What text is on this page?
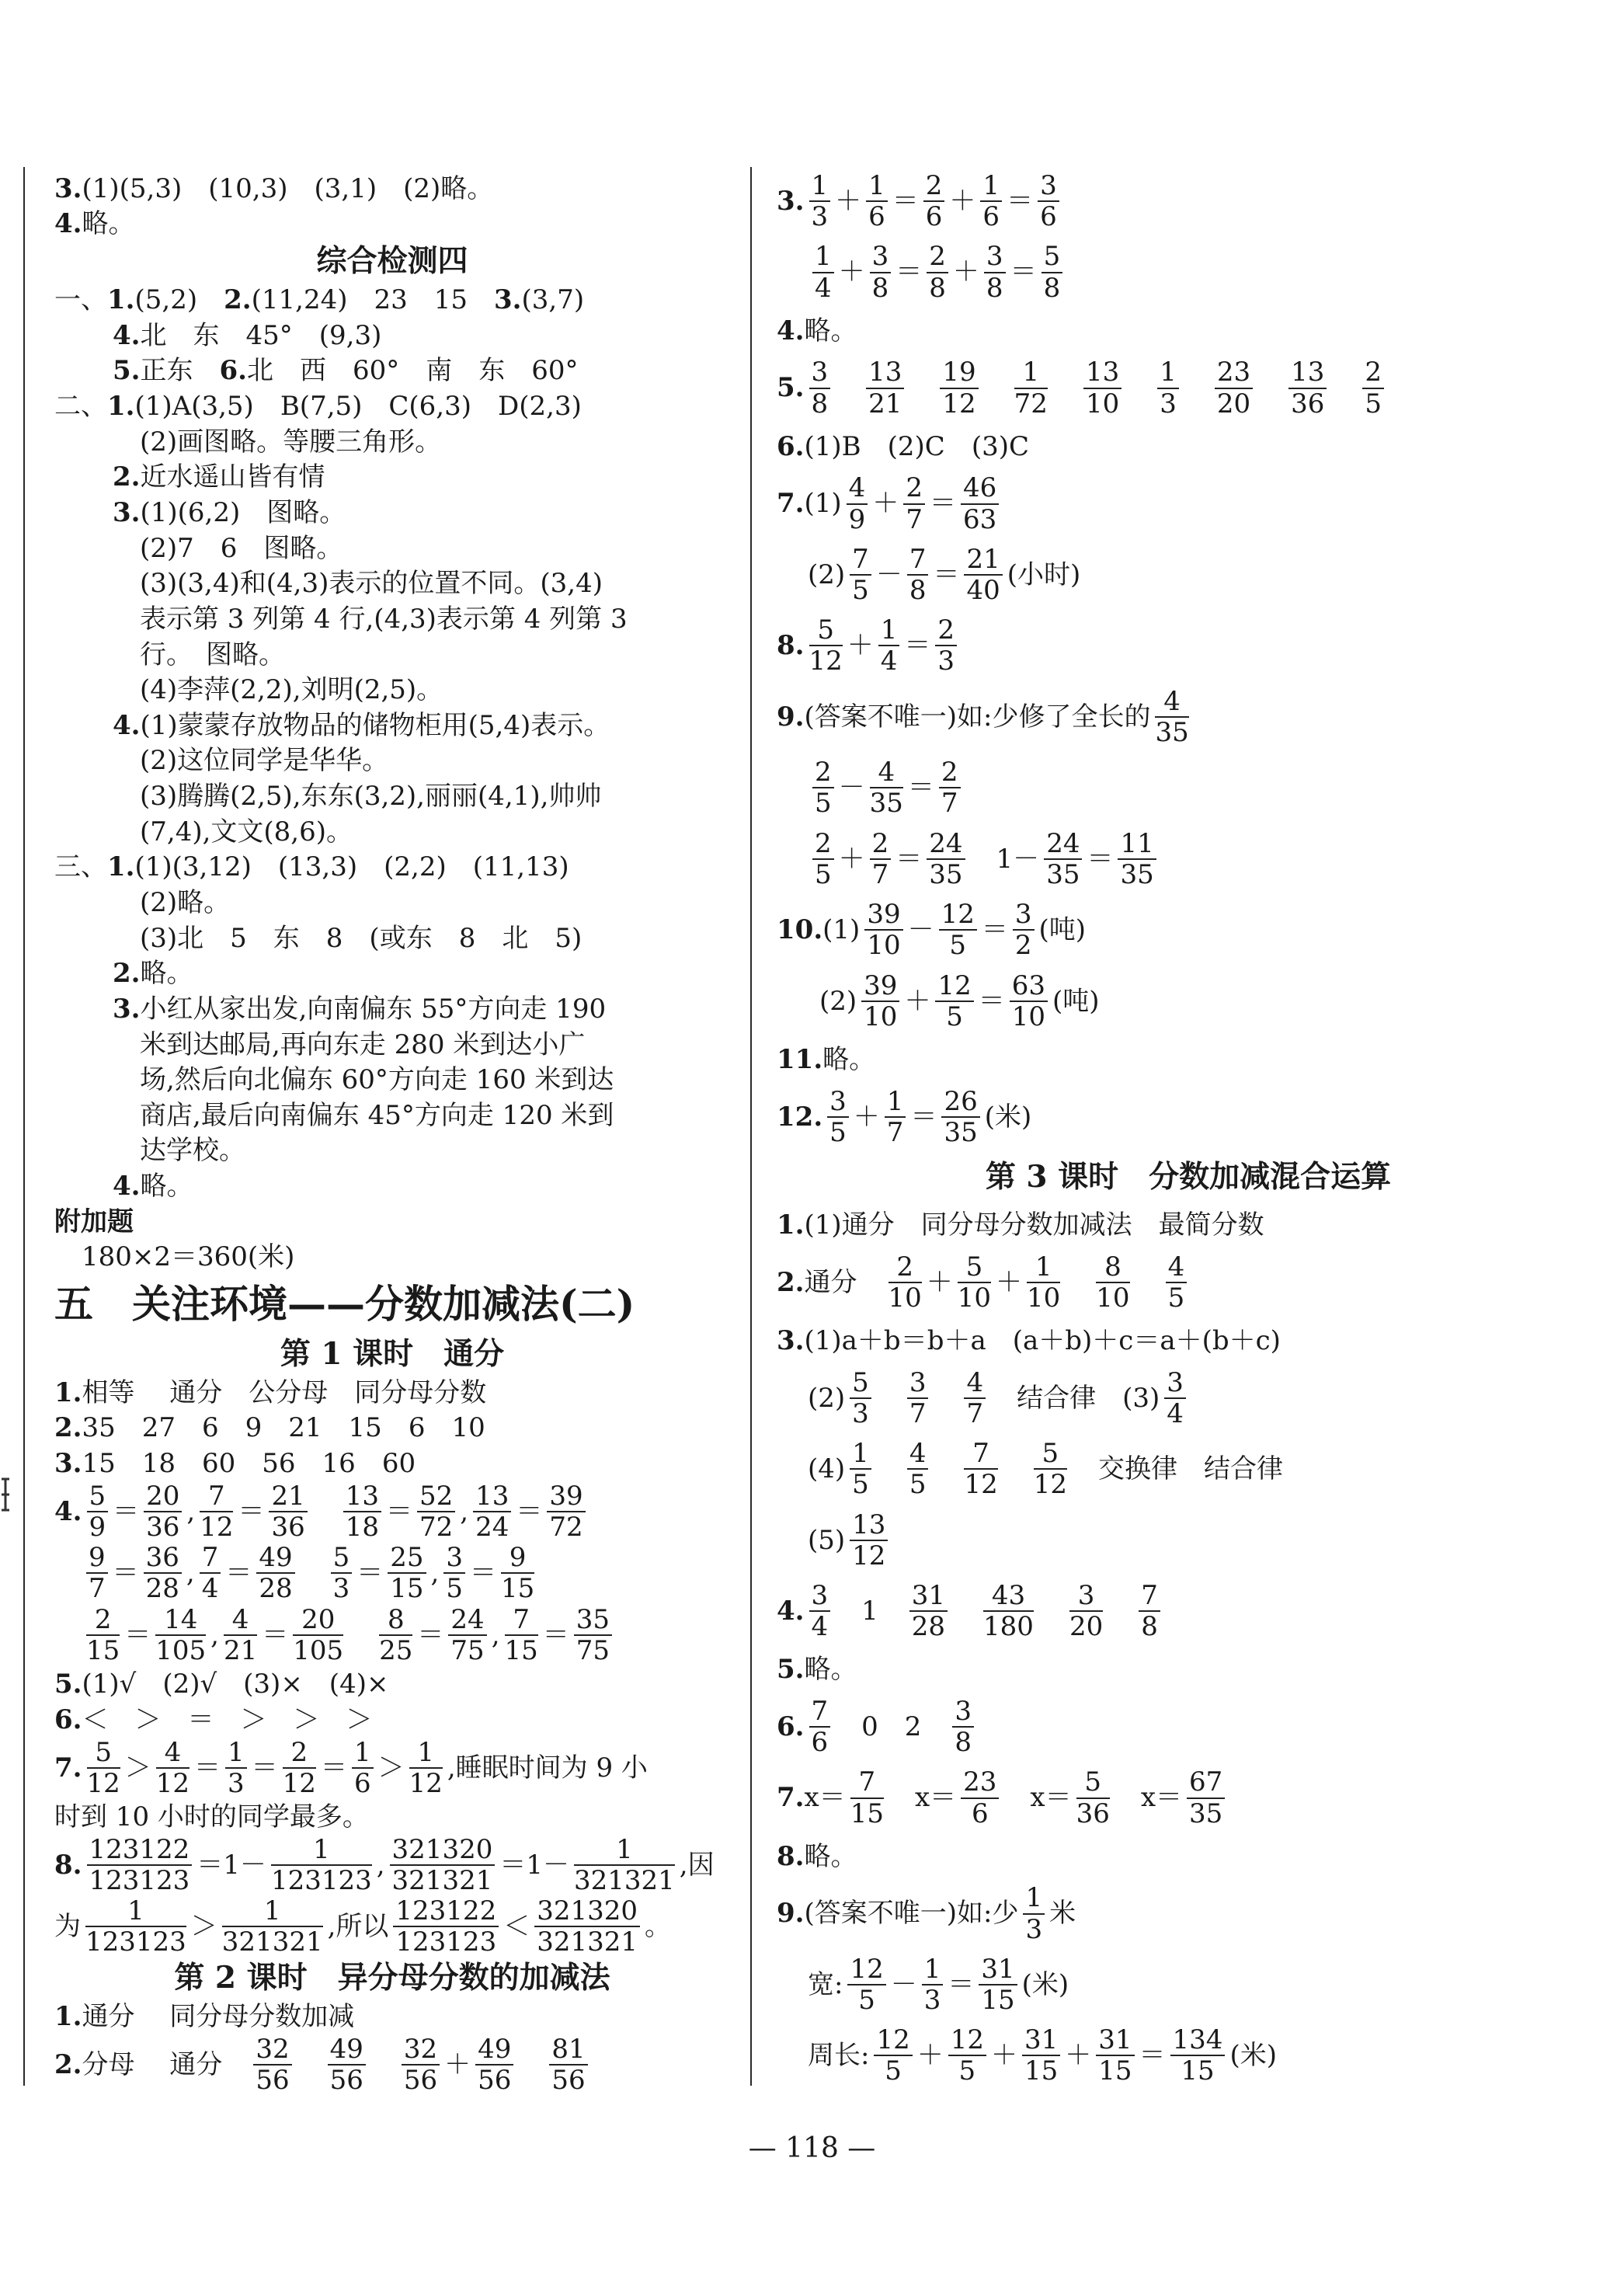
3.(1)(5,3)　(10,3)　(3,1)　(2)略。
4.略。
综合检测四
一、1.(5,2)　2.(11,24)　23　15　3.(3,7)
4.北　东　45°　(9,3)
5.正东　6.北　西　60°　南　东　60°
二、1.(1)A(3,5)　B(7,5)　C(6,3)　D(2,3)
(2)画图略。等腰三角形。
2.近水遥山皆有情
3.(1)(6,2)　图略。
(2)7　6　图略。
(3)(3,4)和(4,3)表示的位置不同。(3,4)
表示第 3 列第 4 行,(4,3)表示第 4 列第 3
行。　图略。
(4)李萍(2,2),刘明(2,5)。
4.(1)蒙蒙存放物品的储物柜用(5,4)表示。
(2)这位同学是华华。
(3)腾腾(2,5),东东(3,2),丽丽(4,1),帅帅
(7,4),文文(8,6)。
三、1.(1)(3,12)　(13,3)　(2,2)　(11,13)
(2)略。
(3)北　5　东　8　(或东　8　北　5)
2.略。
3.小红从家出发,向南偏东 55°方向走 190
米到达邮局,再向东走 280 米到达小广
场,然后向北偏东 60°方向走 160 米到达
商店,最后向南偏东 45°方向走 120 米到
达学校。
4.略。
附加题
180×2＝360(米)
五　关注环境——分数加减法(二)
第 1 课时　通分
1.相等　 通分　公分母　同分母分数
2.35　27　6　9　21　15　6　10
3.15　18　60　56　16　60
4. $\frac{5}{9} = \frac{20}{36}$ , $\frac{7}{12} = \frac{21}{36}$
　 $\frac{13}{18} = \frac{52}{72}$ , $\frac{13}{24} = \frac{39}{72}$
$\frac{9}{7} = \frac{36}{28}$ , $\frac{7}{4} = \frac{49}{28}$
　 $\frac{5}{3} = \frac{25}{15}$ , $\frac{3}{5} = \frac{9}{15}$
$\frac{2}{15} = \frac{14}{105}$ , $\frac{4}{21} = \frac{20}{105}$
　 $\frac{8}{25} = \frac{24}{75}$ , $\frac{7}{15} = \frac{35}{75}$
5.(1)√　(2)√　(3)×　(4)×
6.＜　＞　＝　＞　＞　＞
7. $\frac{5}{12} > \frac{4}{12} = \frac{1}{3} = \frac{2}{12} = \frac{1}{6} > \frac{1}{12}$ ,睡眠时间为 9 小
时到 10 小时的同学最多。
8. $\frac{123122}{123123} =1- \frac{1}{123123}$ , $\frac{321320}{321321} =1- \frac{1}{321321}$ ,因
为 $\frac{1}{123123} > \frac{1}{321321}$ ,所以 $\frac{123122}{123123} < \frac{321320}{321321}$ 。
第 2 课时　异分母分数的加减法
1.通分　 同分母分数加减
2.分母　 通分　 $\frac{32}{56}$
　 $\frac{49}{56}$
　 $\frac{32}{56} + \frac{49}{56}$
　 $\frac{81}{56}$
3. $\frac{1}{3} + \frac{1}{6} = \frac{2}{6} + \frac{1}{6} = \frac{3}{6}$
$\frac{1}{4} + \frac{3}{8} = \frac{2}{8} + \frac{3}{8} = \frac{5}{8}$
4.略。
5. $\frac{3}{8}$
　 $\frac{13}{21}$
　 $\frac{19}{12}$
　 $\frac{1}{72}$
　 $\frac{13}{10}$
　 $\frac{1}{3}$
　 $\frac{23}{20}$
　 $\frac{13}{36}$
　 $\frac{2}{5}$
6.(1)B　(2)C　(3)C
$7.(1) \frac{4}{9} + \frac{2}{7} = \frac{46}{63}$
$(2) \frac{7}{5} - \frac{7}{8} = \frac{21}{40}$ (小时)
8. $\frac{5}{12} + \frac{1}{4} = \frac{2}{3}$
9.(答案不唯一)如:少修了全长的 $\frac{4}{35}$
$\frac{2}{5} - \frac{4}{35} = \frac{2}{7}$
$\frac{2}{5} + \frac{2}{7} = \frac{24}{35}$ 　$1- \frac{24}{35} = \frac{11}{35}$
$10.(1) \frac{39}{10} - \frac{12}{5} = \frac{3}{2}$ (吨)
$(2) \frac{39}{10} + \frac{12}{5} = \frac{63}{10}$ (吨)
11.略。
12. $\frac{3}{5} + \frac{1}{7} = \frac{26}{35}$ (米)
第 3 课时　分数加减混合运算
1.(1)通分　同分母分数加减法　最简分数
2.通分　 $\frac{2}{10} + \frac{5}{10} + \frac{1}{10}$
　 $\frac{8}{10}$
　 $\frac{4}{5}$
3.(1)a＋b＝b＋a　(a＋b)＋c＝a＋(b＋c)
$(2) \frac{5}{3}$
　 $\frac{3}{7}$
　 $\frac{4}{7}$ 　结合律　$(3) \frac{3}{4}$
$(4) \frac{1}{5}$
　 $\frac{4}{5}$
　 $\frac{7}{12}$
　 $\frac{5}{12}$ 　交换律　结合律
$(5) \frac{13}{12}$
4. $\frac{3}{4}$ 　1　 $\frac{31}{28}$
　 $\frac{43}{180}$
　 $\frac{3}{20}$
　 $\frac{7}{8}$
5.略。
6. $\frac{7}{6}$ 　0　2　 $\frac{3}{8}$
$7.x= \frac{7}{15}$ 　$x= \frac{23}{6}$ 　$x= \frac{5}{36}$ 　$x= \frac{67}{35}$
8.略。
9.(答案不唯一)如:少 $\frac{1}{3}$ 米
宽: $\frac{12}{5} - \frac{1}{3} = \frac{31}{15}$ (米)
周长: $\frac{12}{5} + \frac{12}{5} + \frac{31}{15} + \frac{31}{15} = \frac{134}{15}$ (米)
— 118 —
